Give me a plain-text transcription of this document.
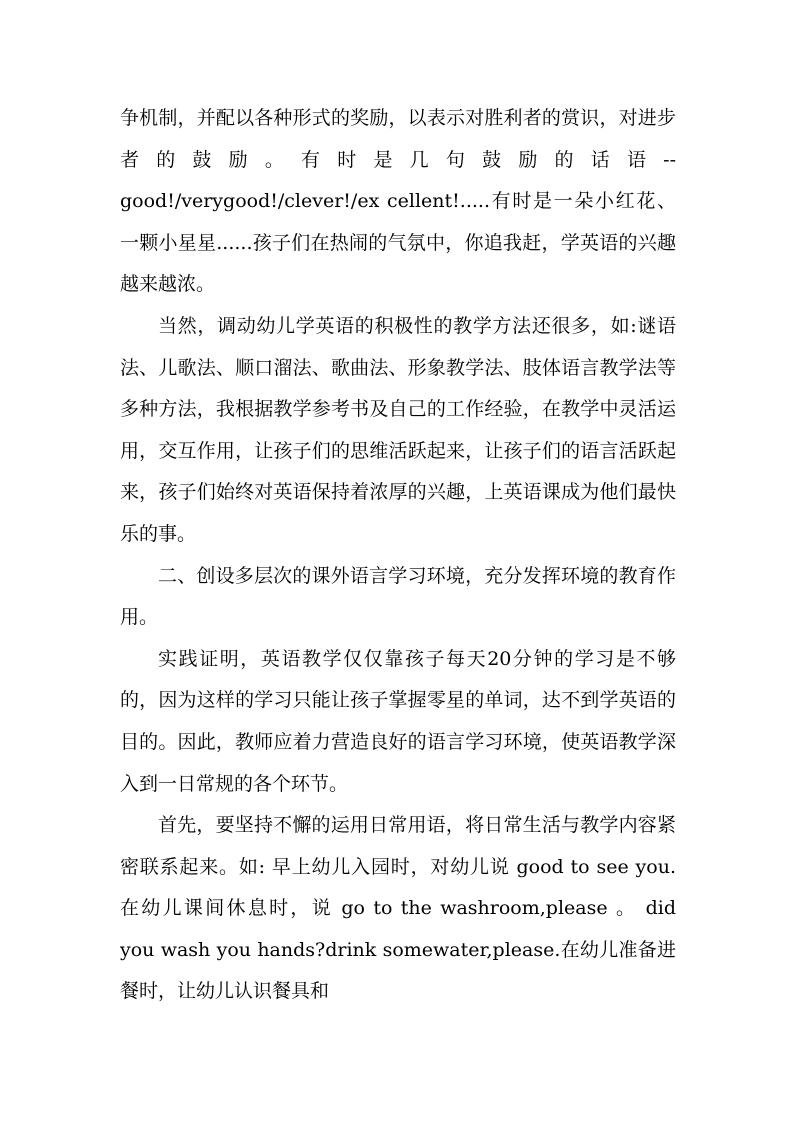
争机制，并配以各种形式的奖励，以表示对胜利者的赏识，对进步者的鼓励。有时是几句鼓励的话语--good!/verygood!/clever!/ex cellent!.....有时是一朵小红花、一颗小星星......孩子们在热闹的气氛中，你追我赶，学英语的兴趣越来越浓。

当然，调动幼儿学英语的积极性的教学方法还很多，如:谜语法、儿歌法、顺口溜法、歌曲法、形象教学法、肢体语言教学法等多种方法，我根据教学参考书及自己的工作经验，在教学中灵活运用，交互作用，让孩子们的思维活跃起来，让孩子们的语言活跃起来，孩子们始终对英语保持着浓厚的兴趣，上英语课成为他们最快乐的事。

二、创设多层次的课外语言学习环境，充分发挥环境的教育作用。

实践证明，英语教学仅仅靠孩子每天20分钟的学习是不够的，因为这样的学习只能让孩子掌握零星的单词，达不到学英语的目的。因此，教师应着力营造良好的语言学习环境，使英语教学深入到一日常规的各个环节。

首先，要坚持不懈的运用日常用语，将日常生活与教学内容紧密联系起来。如: 早上幼儿入园时，对幼儿说 good to see you. 在幼儿课间休息时，说 go to the washroom,please 。 did you wash you hands?drink somewater,please.在幼儿准备进餐时，让幼儿认识餐具和
